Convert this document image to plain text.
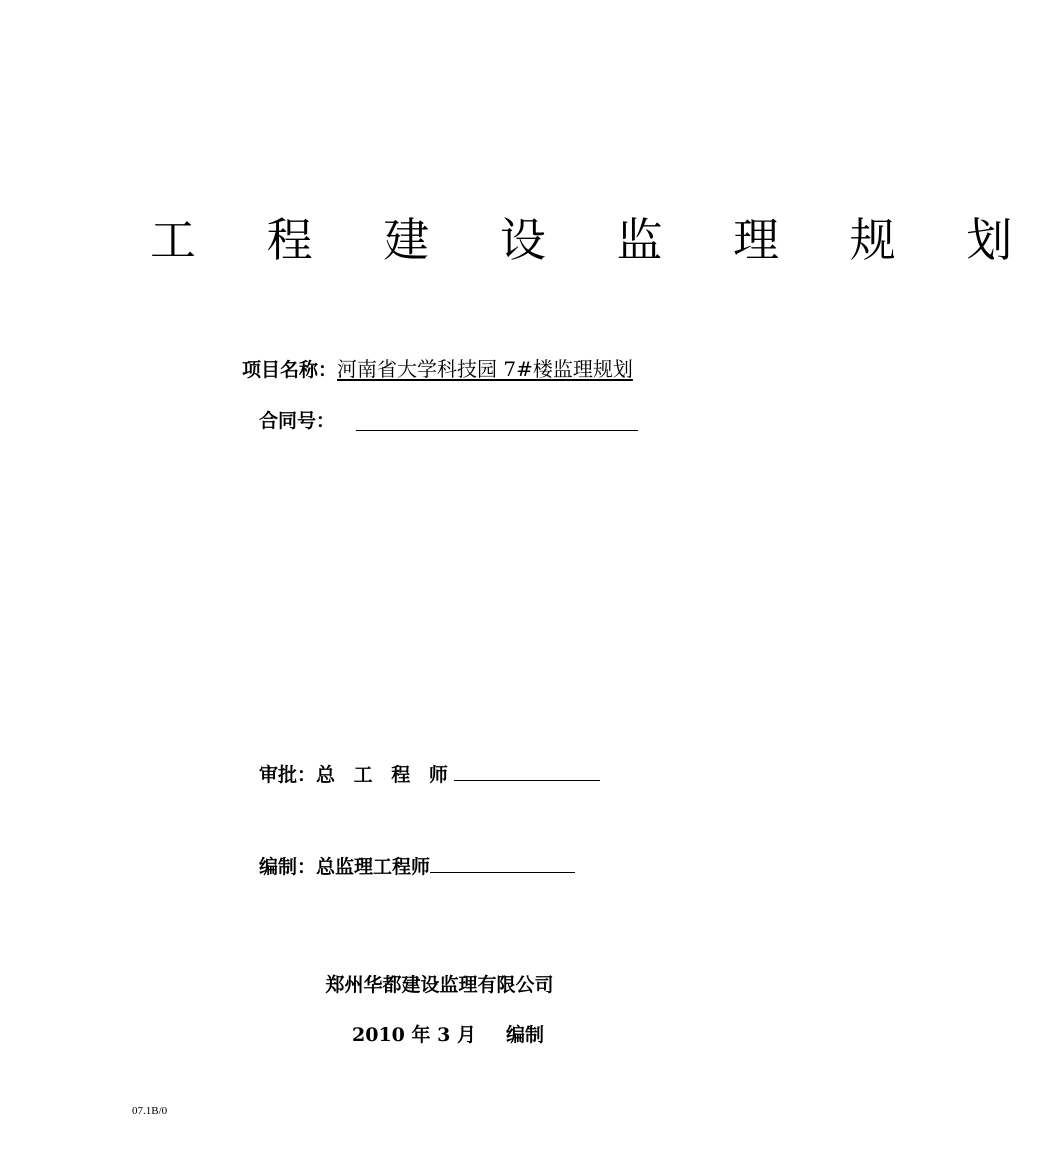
工 程 建 设 监 理 规 划
项目名称：河南省大学科技园 7#楼监理规划
合同号：
审批：总 工 程 师
编制：总监理工程师
郑州华都建设监理有限公司
2010 年 3 月 编制
07.1B/0
